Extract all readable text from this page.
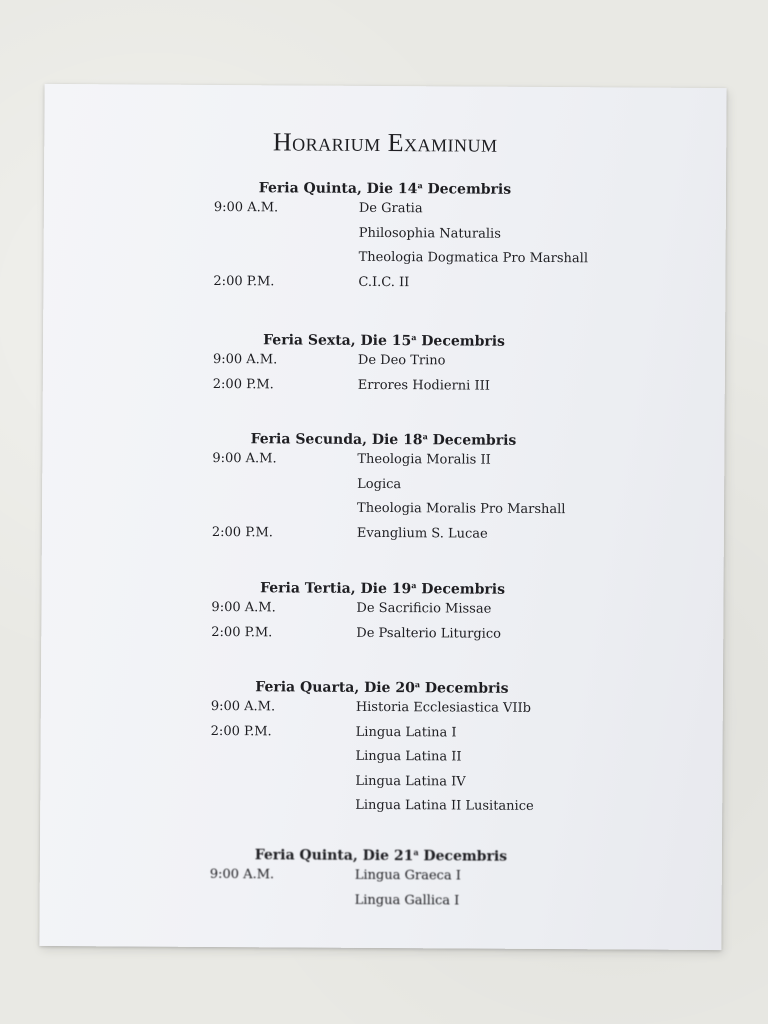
Horarium Examinum
Feria Quinta, Die 14$^a$ Decembris
9:00 A.M.	De Gratia
Philosophia Naturalis
Theologia Dogmatica Pro Marshall
2:00 P.M.	C.I.C. II
Feria Sexta, Die 15$^a$ Decembris
9:00 A.M.	De Deo Trino
2:00 P.M.	Errores Hodierni III
Feria Secunda, Die 18$^a$ Decembris
9:00 A.M.	Theologia Moralis II
Logica
Theologia Moralis Pro Marshall
2:00 P.M.	Evanglium S. Lucae
Feria Tertia, Die 19$^a$ Decembris
9:00 A.M.	De Sacrificio Missae
2:00 P.M.	De Psalterio Liturgico
Feria Quarta, Die 20$^a$ Decembris
9:00 A.M.	Historia Ecclesiastica VIIb
2:00 P.M.	Lingua Latina I
Lingua Latina II
Lingua Latina IV
Lingua Latina II Lusitanice
Feria Quinta, Die 21$^a$ Decembris
9:00 A.M.	Lingua Graeca I
Lingua Gallica I
